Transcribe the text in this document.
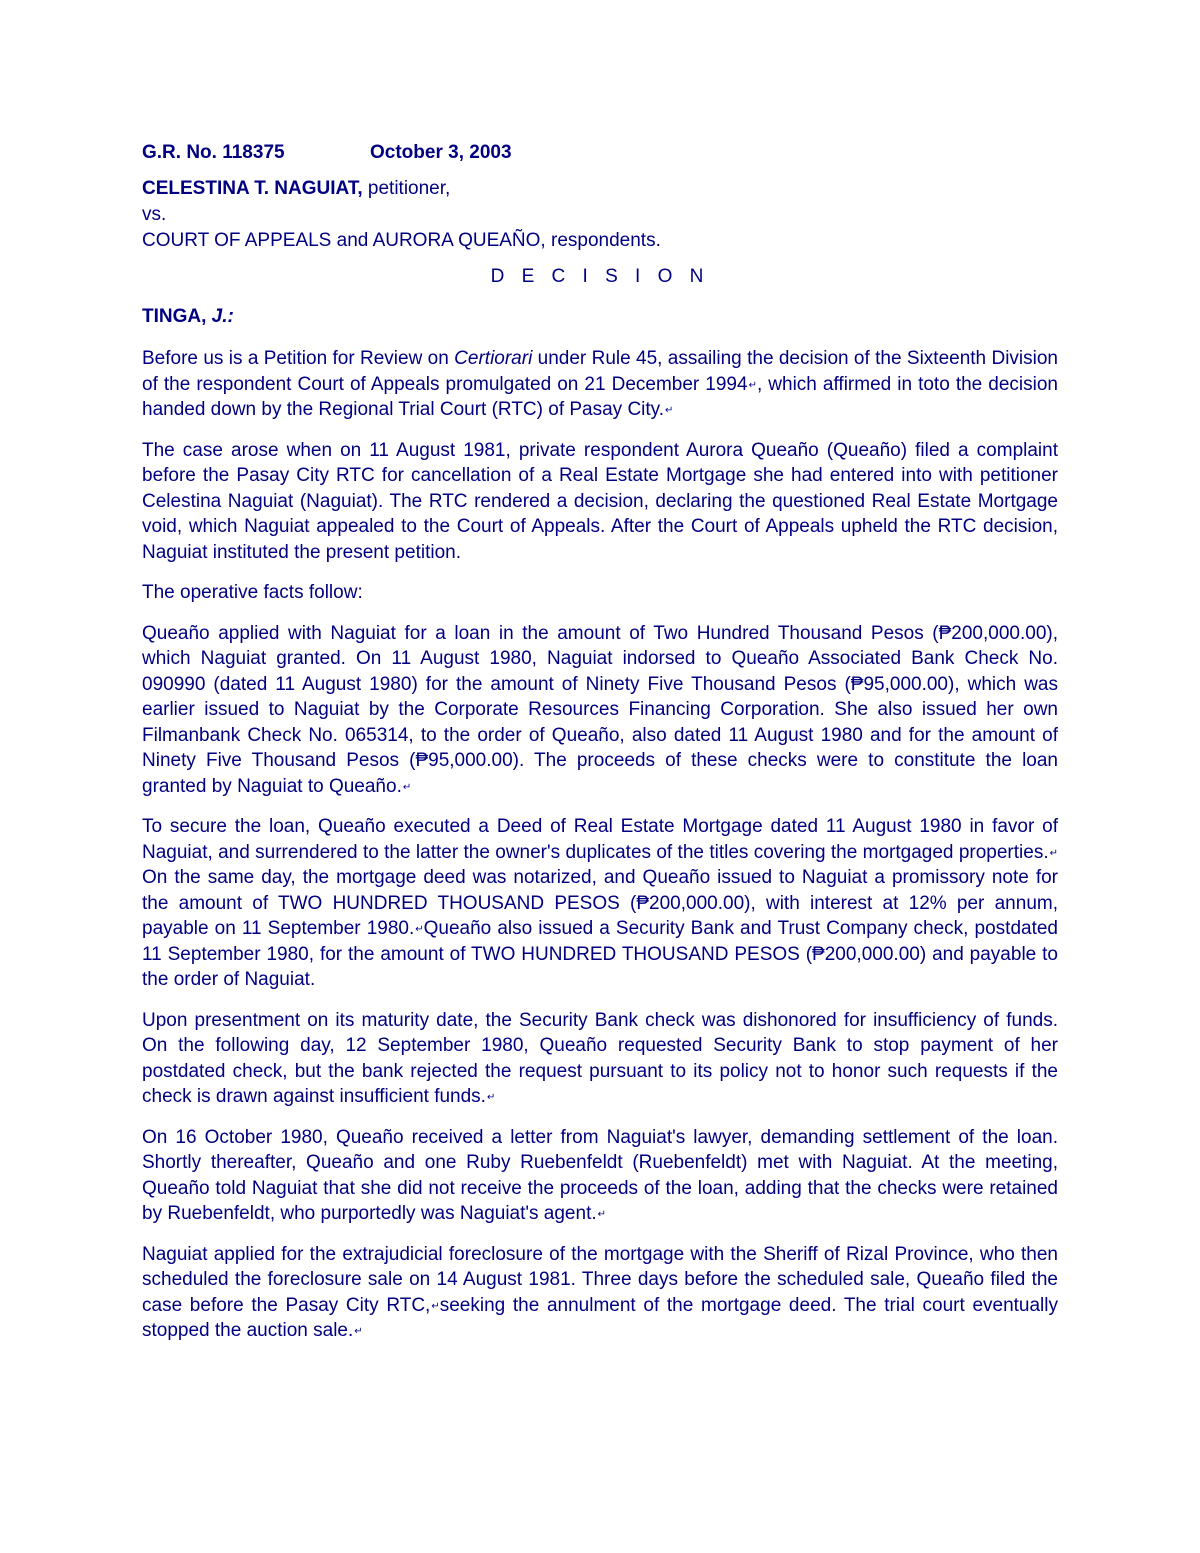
G.R. No. 118375	October 3, 2003
CELESTINA T. NAGUIAT, petitioner,
vs.
COURT OF APPEALS and AURORA QUEAÑO, respondents.
D E C I S I O N
TINGA, J.:

Before us is a Petition for Review on Certiorari under Rule 45, assailing the decision of the Sixteenth Division of the respondent Court of Appeals promulgated on 21 December 1994↵, which affirmed in toto the decision handed down by the Regional Trial Court (RTC) of Pasay City.↵

The case arose when on 11 August 1981, private respondent Aurora Queaño (Queaño) filed a complaint before the Pasay City RTC for cancellation of a Real Estate Mortgage she had entered into with petitioner Celestina Naguiat (Naguiat). The RTC rendered a decision, declaring the questioned Real Estate Mortgage void, which Naguiat appealed to the Court of Appeals. After the Court of Appeals upheld the RTC decision, Naguiat instituted the present petition.

The operative facts follow:

Queaño applied with Naguiat for a loan in the amount of Two Hundred Thousand Pesos (₱200,000.00), which Naguiat granted. On 11 August 1980, Naguiat indorsed to Queaño Associated Bank Check No. 090990 (dated 11 August 1980) for the amount of Ninety Five Thousand Pesos (₱95,000.00), which was earlier issued to Naguiat by the Corporate Resources Financing Corporation. She also issued her own Filmanbank Check No. 065314, to the order of Queaño, also dated 11 August 1980 and for the amount of Ninety Five Thousand Pesos (₱95,000.00). The proceeds of these checks were to constitute the loan granted by Naguiat to Queaño.↵

To secure the loan, Queaño executed a Deed of Real Estate Mortgage dated 11 August 1980 in favor of Naguiat, and surrendered to the latter the owner's duplicates of the titles covering the mortgaged properties.↵On the same day, the mortgage deed was notarized, and Queaño issued to Naguiat a promissory note for the amount of TWO HUNDRED THOUSAND PESOS (₱200,000.00), with interest at 12% per annum, payable on 11 September 1980.↵Queaño also issued a Security Bank and Trust Company check, postdated 11 September 1980, for the amount of TWO HUNDRED THOUSAND PESOS (₱200,000.00) and payable to the order of Naguiat.

Upon presentment on its maturity date, the Security Bank check was dishonored for insufficiency of funds. On the following day, 12 September 1980, Queaño requested Security Bank to stop payment of her postdated check, but the bank rejected the request pursuant to its policy not to honor such requests if the check is drawn against insufficient funds.↵

On 16 October 1980, Queaño received a letter from Naguiat's lawyer, demanding settlement of the loan. Shortly thereafter, Queaño and one Ruby Ruebenfeldt (Ruebenfeldt) met with Naguiat. At the meeting, Queaño told Naguiat that she did not receive the proceeds of the loan, adding that the checks were retained by Ruebenfeldt, who purportedly was Naguiat's agent.↵

Naguiat applied for the extrajudicial foreclosure of the mortgage with the Sheriff of Rizal Province, who then scheduled the foreclosure sale on 14 August 1981. Three days before the scheduled sale, Queaño filed the case before the Pasay City RTC,↵seeking the annulment of the mortgage deed. The trial court eventually stopped the auction sale.↵
